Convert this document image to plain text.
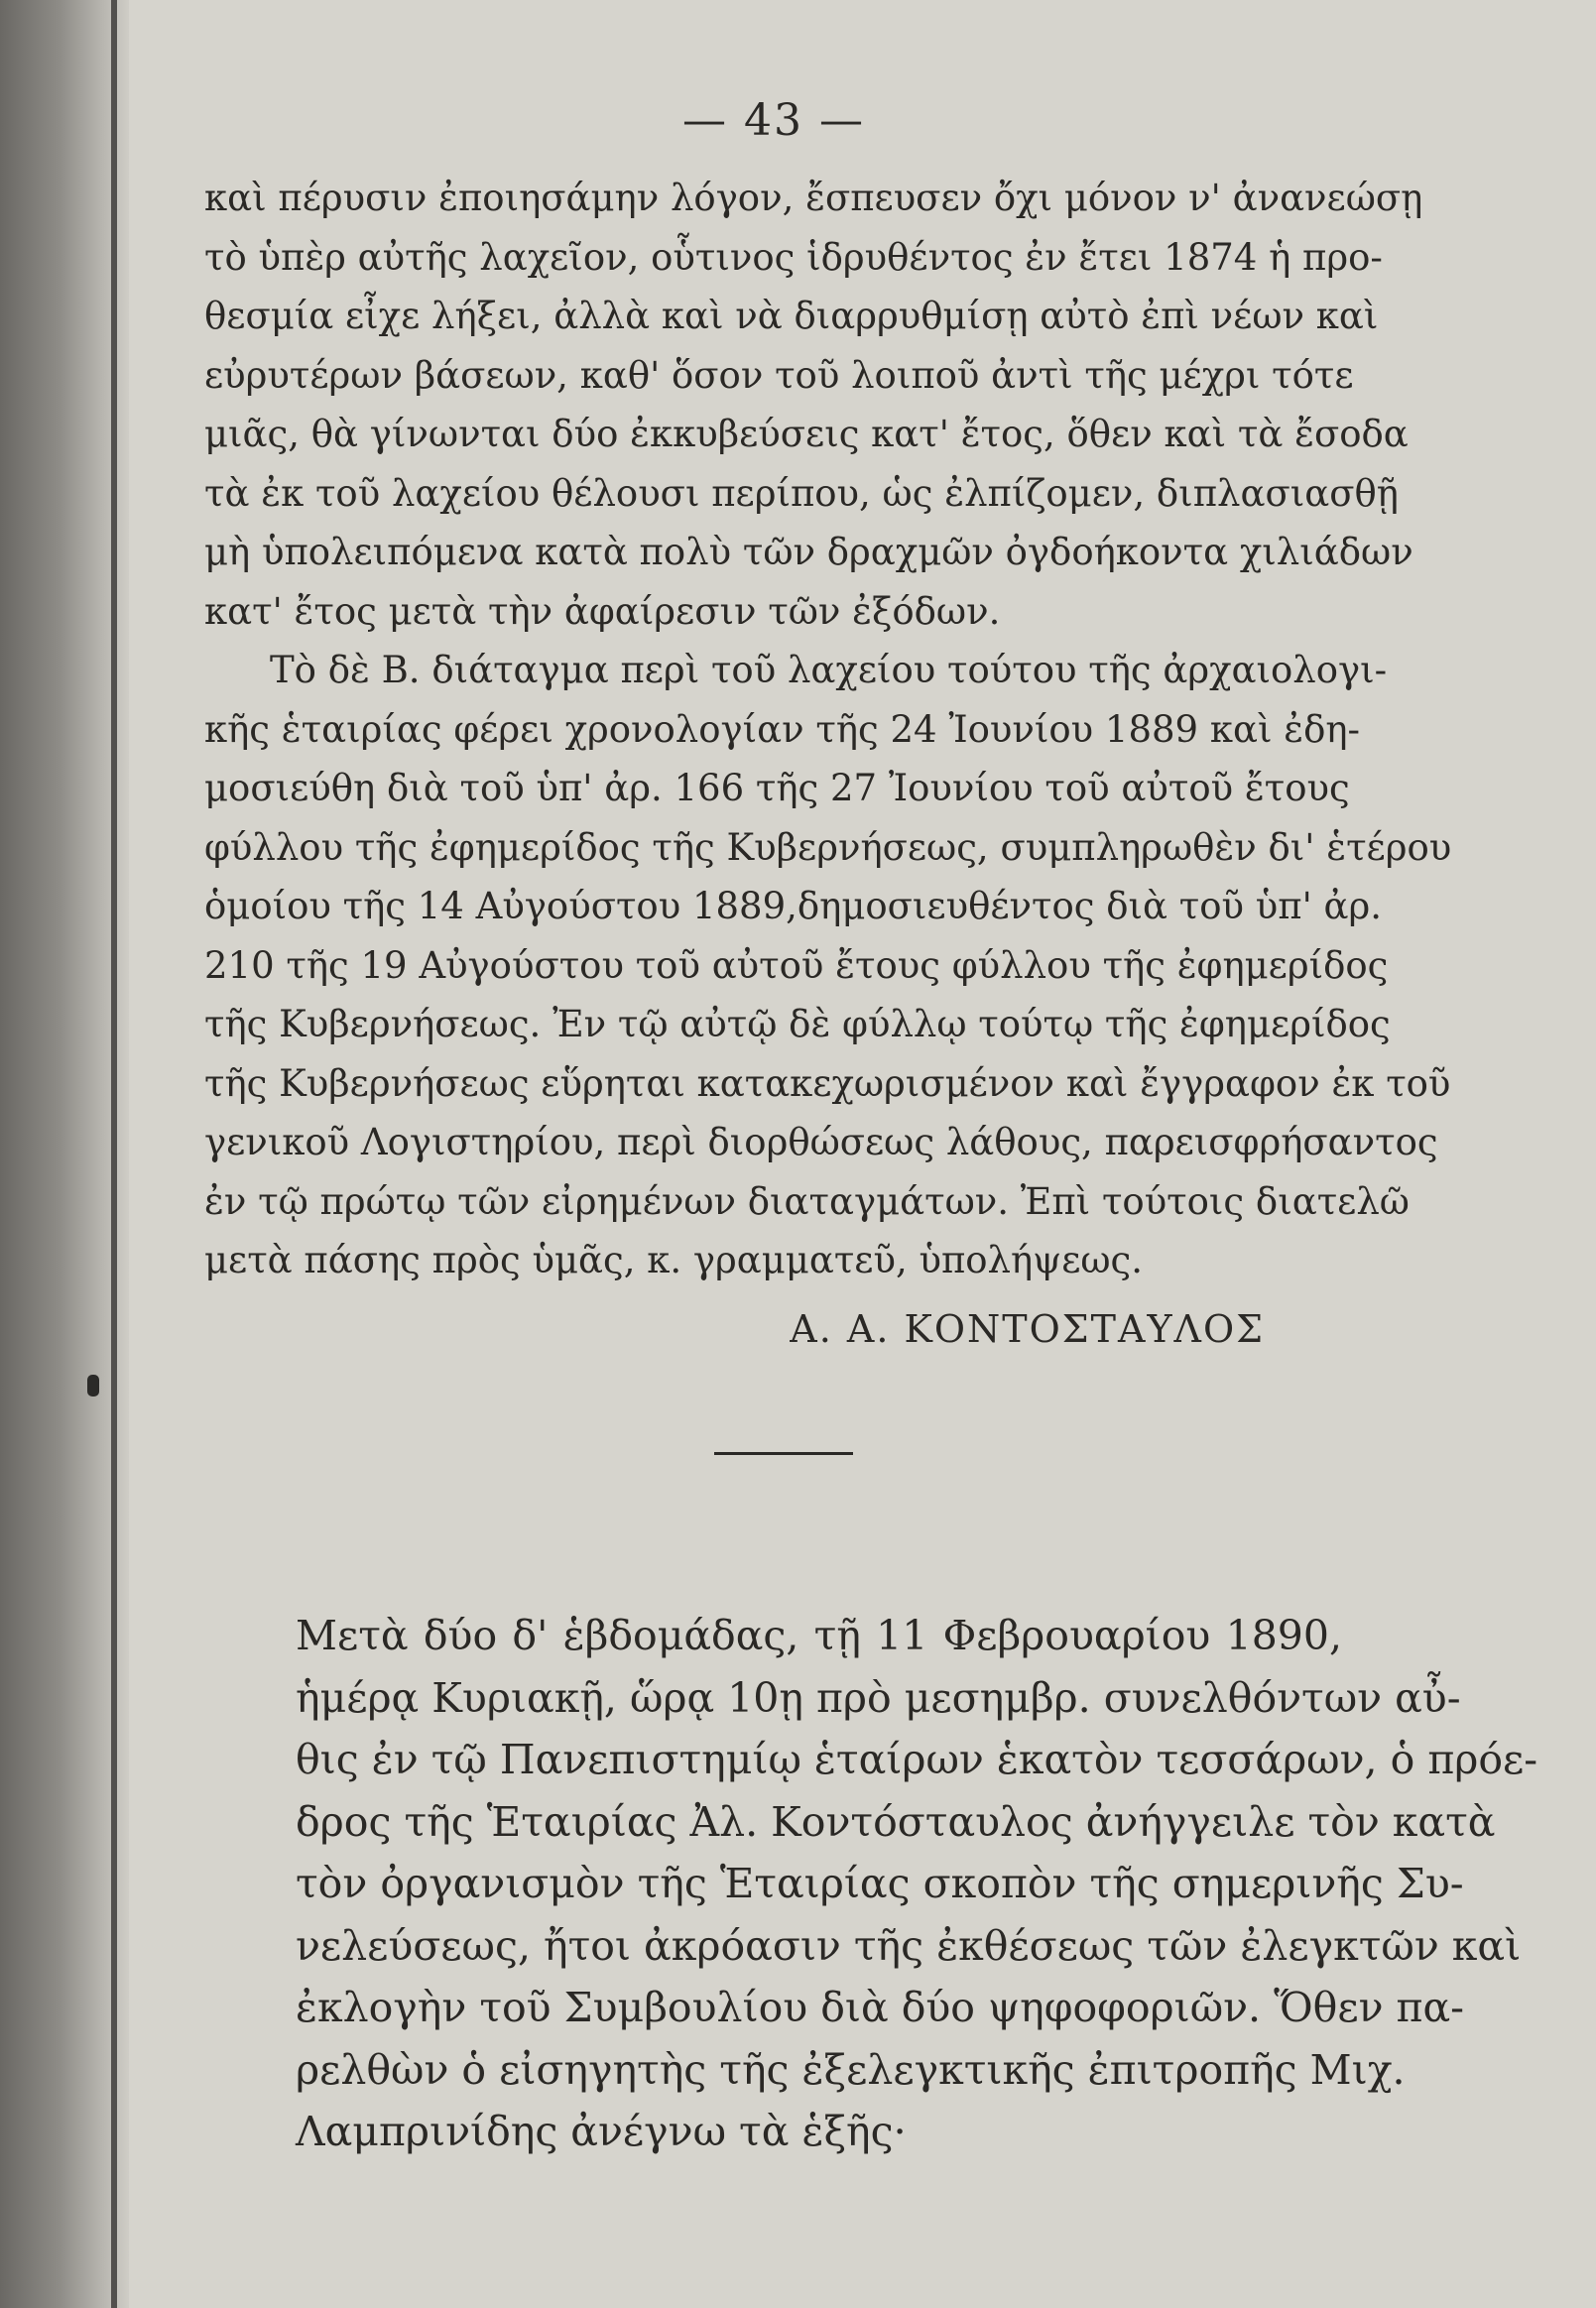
— 43 —
καὶ πέρυσιν ἐποιησάμην λόγον, ἔσπευσεν ὄχι μόνον ν' ἀνανεώσῃ
τὸ ὑπὲρ αὐτῆς λαχεῖον, οὗτινος ἱδρυθέντος ἐν ἔτει 1874 ἡ προ-
θεσμία εἶχε λήξει, ἀλλὰ καὶ νὰ διαρρυθμίσῃ αὐτὸ ἐπὶ νέων καὶ
εὐρυτέρων βάσεων, καθ' ὅσον τοῦ λοιποῦ ἀντὶ τῆς μέχρι τότε
μιᾶς, θὰ γίνωνται δύο ἐκκυβεύσεις κατ' ἔτος, ὅθεν καὶ τὰ ἔσοδα
τὰ ἐκ τοῦ λαχείου θέλουσι περίπου, ὡς ἐλπίζομεν, διπλασιασθῇ
μὴ ὑπολειπόμενα κατὰ πολὺ τῶν δραχμῶν ὀγδοήκοντα χιλιάδων
κατ' ἔτος μετὰ τὴν ἀφαίρεσιν τῶν ἐξόδων.
Τὸ δὲ Β. διάταγμα περὶ τοῦ λαχείου τούτου τῆς ἀρχαιολογι-
κῆς ἑταιρίας φέρει χρονολογίαν τῆς 24 Ἰουνίου 1889 καὶ ἐδη-
μοσιεύθη διὰ τοῦ ὑπ' ἀρ. 166 τῆς 27 Ἰουνίου τοῦ αὐτοῦ ἔτους
φύλλου τῆς ἐφημερίδος τῆς Κυβερνήσεως, συμπληρωθὲν δι' ἑτέρου
ὁμοίου τῆς 14 Αὐγούστου 1889,δημοσιευθέντος διὰ τοῦ ὑπ' ἀρ.
210 τῆς 19 Αὐγούστου τοῦ αὐτοῦ ἔτους φύλλου τῆς ἐφημερίδος
τῆς Κυβερνήσεως. Ἐν τῷ αὐτῷ δὲ φύλλῳ τούτῳ τῆς ἐφημερίδος
τῆς Κυβερνήσεως εὕρηται κατακεχωρισμένον καὶ ἔγγραφον ἐκ τοῦ
γενικοῦ Λογιστηρίου, περὶ διορθώσεως λάθους, παρεισφρήσαντος
ἐν τῷ πρώτῳ τῶν εἰρημένων διαταγμάτων. Ἐπὶ τούτοις διατελῶ
μετὰ πάσης πρὸς ὑμᾶς, κ. γραμματεῦ, ὑπολήψεως.
Α. Α. ΚΟΝΤΟΣΤΑΥΛΟΣ
Μετὰ δύο δ' ἑβδομάδας, τῇ 11 Φεβρουαρίου 1890,
ἡμέρᾳ Κυριακῇ, ὥρᾳ 10ῃ πρὸ μεσημβρ. συνελθόντων αὖ-
θις ἐν τῷ Πανεπιστημίῳ ἑταίρων ἑκατὸν τεσσάρων, ὁ πρόε-
δρος τῆς Ἑταιρίας Ἀλ. Κοντόσταυλος ἀνήγγειλε τὸν κατὰ
τὸν ὀργανισμὸν τῆς Ἑταιρίας σκοπὸν τῆς σημερινῆς Συ-
νελεύσεως, ἤτοι ἀκρόασιν τῆς ἐκθέσεως τῶν ἐλεγκτῶν καὶ
ἐκλογὴν τοῦ Συμβουλίου διὰ δύο ψηφοφοριῶν. Ὅθεν πα-
ρελθὼν ὁ εἰσηγητὴς τῆς ἐξελεγκτικῆς ἐπιτροπῆς Μιχ.
Λαμπρινίδης ἀνέγνω τὰ ἑξῆς·
